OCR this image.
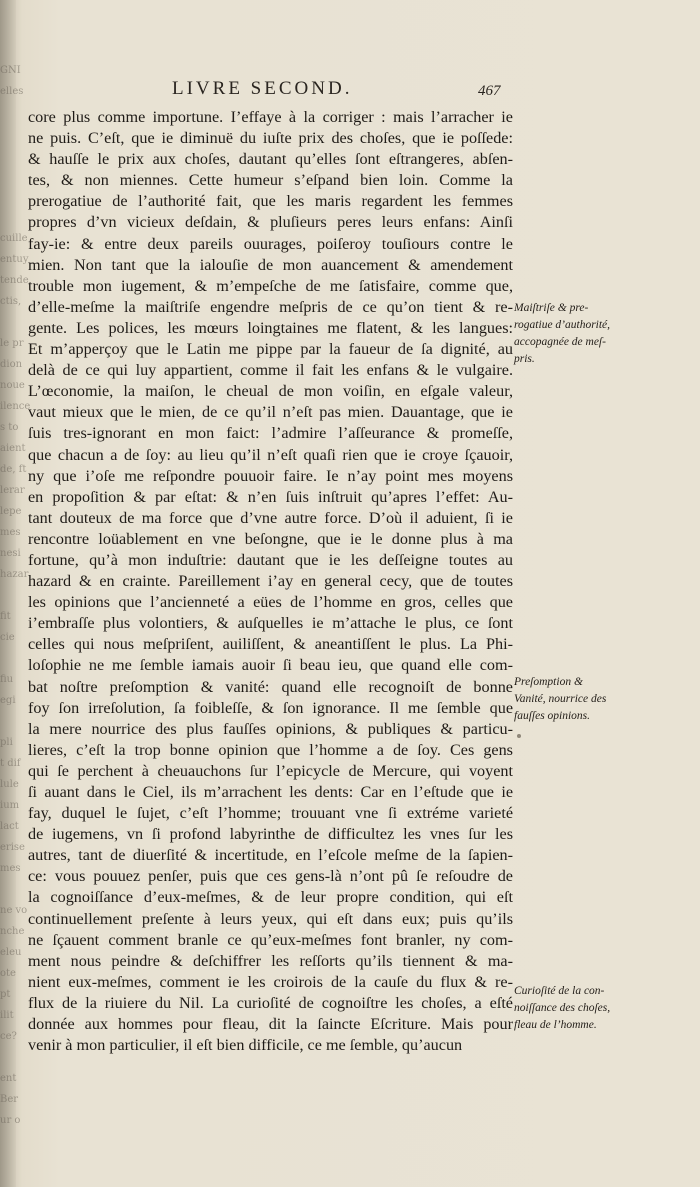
GNI
elles

cuille
entuy
tende
ctis,

le pr
dion
noue
ilence
s to
aient
de, ft
lerar
lepe
mes
nesi
hazar

fit
cie

fiu
egi

pli
t dif
lule
ium
lact
erise
mes

ne vo
nche
eleu
ote
pt
ilit
ce?

ent
Ber
ur o
LIVRE SECOND.	467
core plus comme importune. I’effaye à la corriger : mais l’arracher ie
ne puis. C’eſt, que ie diminuë du iuſte prix des choſes, que ie poſſede:
& hauſſe le prix aux choſes, dautant qu’elles ſont eſtrangeres, abſen-
tes, & non miennes. Cette humeur s’eſpand bien loin. Comme la
prerogatiue de l’authorité fait, que les maris regardent les femmes
propres d’vn vicieux deſdain, & pluſieurs peres leurs enfans: Ainſi
fay-ie: & entre deux pareils ouurages, poiſeroy touſiours contre le
mien. Non tant que la ialouſie de mon auancement & amendement
trouble mon iugement, & m’empeſche de me ſatisfaire, comme que,
d’elle-meſme la maiſtriſe engendre meſpris de ce qu’on tient & re-
gente. Les polices, les mœurs loingtaines me flatent, & les langues:
Et m’apperçoy que le Latin me pippe par la faueur de ſa dignité, au
delà de ce qui luy appartient, comme il fait les enfans & le vulgaire.
L’œconomie, la maiſon, le cheual de mon voiſin, en eſgale valeur,
vaut mieux que le mien, de ce qu’il n’eſt pas mien. Dauantage, que ie
ſuis tres-ignorant en mon faict: l’admire l’aſſeurance & promeſſe,
que chacun a de ſoy: au lieu qu’il n’eſt quaſi rien que ie croye ſçauoir,
ny que i’oſe me reſpondre pouuoir faire. Ie n’ay point mes moyens
en propoſition & par eſtat: & n’en ſuis inſtruit qu’apres l’effet: Au-
tant douteux de ma force que d’vne autre force. D’où il aduient, ſi ie
rencontre loüablement en vne beſongne, que ie le donne plus à ma
fortune, qu’à mon induſtrie: dautant que ie les deſſeigne toutes au
hazard & en crainte. Pareillement i’ay en general cecy, que de toutes
les opinions que l’ancienneté a eües de l’homme en gros, celles que
i’embraſſe plus volontiers, & auſquelles ie m’attache le plus, ce ſont
celles qui nous meſpriſent, auiliſſent, & aneantiſſent le plus. La Phi-
loſophie ne me ſemble iamais auoir ſi beau ieu, que quand elle com-
bat noſtre preſomption & vanité: quand elle recognoiſt de bonne
foy ſon irreſolution, ſa foibleſſe, & ſon ignorance. Il me ſemble que
la mere nourrice des plus fauſſes opinions, & publiques & particu-
lieres, c’eſt la trop bonne opinion que l’homme a de ſoy. Ces gens
qui ſe perchent à cheuauchons ſur l’epicycle de Mercure, qui voyent
ſi auant dans le Ciel, ils m’arrachent les dents: Car en l’eſtude que ie
fay, duquel le ſujet, c’eſt l’homme; trouuant vne ſi extréme varieté
de iugemens, vn ſi profond labyrinthe de difficultez les vnes ſur les
autres, tant de diuerſité & incertitude, en l’eſcole meſme de la ſapien-
ce: vous pouuez penſer, puis que ces gens-là n’ont pû ſe reſoudre de
la cognoiſſance d’eux-meſmes, & de leur propre condition, qui eſt
continuellement preſente à leurs yeux, qui eſt dans eux; puis qu’ils
ne ſçauent comment branle ce qu’eux-meſmes font branler, ny com-
ment nous peindre & deſchiffrer les reſſorts qu’ils tiennent & ma-
nient eux-meſmes, comment ie les croirois de la cauſe du flux & re-
flux de la riuiere du Nil. La curioſité de cognoiſtre les choſes, a eſté
donnée aux hommes pour fleau, dit la ſaincte Eſcriture. Mais pour
venir à mon particulier, il eſt bien difficile, ce me ſemble, qu’aucun
Maiſtriſe & pre-
rogatiue d’authorité,
accopagnée de meſ-
pris.
Preſomption &
Vanité, nourrice des
fauſſes opinions.
Curioſité de la con-
noiſſance des choſes,
fleau de l’homme.
